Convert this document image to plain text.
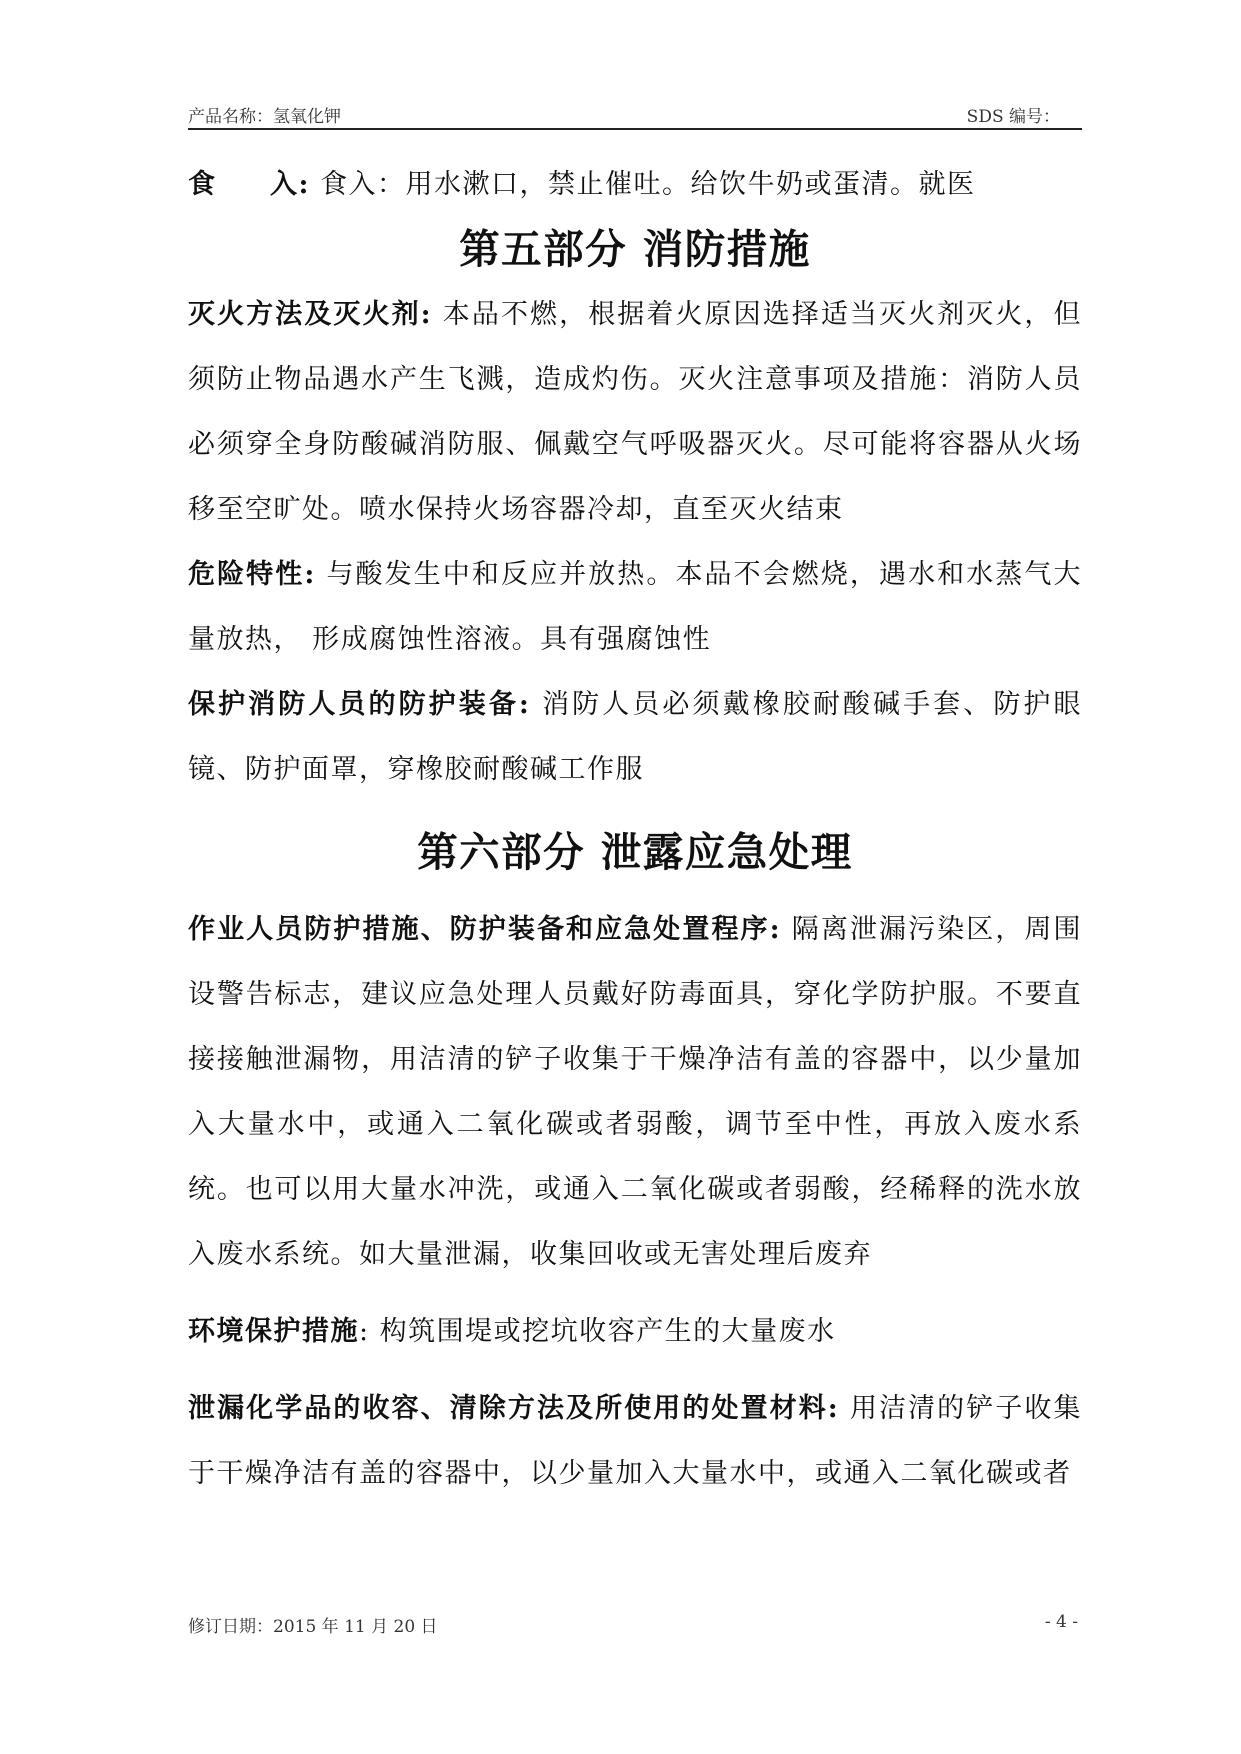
产品名称：氢氧化钾	SDS 编号：

食 入: 食入：用水漱口，禁止催吐。给饮牛奶或蛋清。就医

第五部分 消防措施

灭火方法及灭火剂: 本品不燃，根据着火原因选择适当灭火剂灭火，但须防止物品遇水产生飞溅，造成灼伤。灭火注意事项及措施：消防人员必须穿全身防酸碱消防服、佩戴空气呼吸器灭火。尽可能将容器从火场移至空旷处。喷水保持火场容器冷却，直至灭火结束

危险特性: 与酸发生中和反应并放热。本品不会燃烧，遇水和水蒸气大量放热， 形成腐蚀性溶液。具有强腐蚀性

保护消防人员的防护装备: 消防人员必须戴橡胶耐酸碱手套、防护眼镜、防护面罩，穿橡胶耐酸碱工作服

第六部分 泄露应急处理

作业人员防护措施、防护装备和应急处置程序: 隔离泄漏污染区，周围设警告标志，建议应急处理人员戴好防毒面具，穿化学防护服。不要直接接触泄漏物，用洁清的铲子收集于干燥净洁有盖的容器中，以少量加入大量水中，或通入二氧化碳或者弱酸，调节至中性，再放入废水系统。也可以用大量水冲洗，或通入二氧化碳或者弱酸，经稀释的洗水放入废水系统。如大量泄漏，收集回收或无害处理后废弃

环境保护措施: 构筑围堤或挖坑收容产生的大量废水

泄漏化学品的收容、清除方法及所使用的处置材料: 用洁清的铲子收集于干燥净洁有盖的容器中，以少量加入大量水中，或通入二氧化碳或者

修订日期：2015 年 11 月 20 日	- 4 -
